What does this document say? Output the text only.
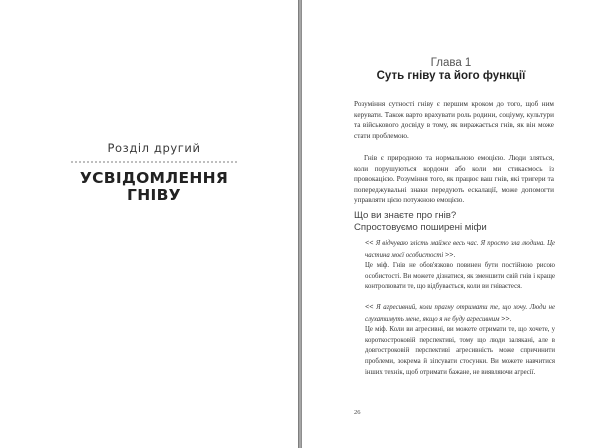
Розділ другий
УСВІДОМЛЕННЯ
ГНІВУ
Глава 1
Суть гніву та його функції

Розуміння сутності гніву є першим кроком до того, щоб ним керувати. Також варто врахувати роль родини, соціуму, культури та військового досвіду в тому, як виражається гнів, як він може стати проблемою.

Гнів є природною та нормальною емоцією. Люди зляться, коли порушуються кордони або коли ми стикаємось із провокацією. Розуміння того, як працює ваш гнів, які тригери та попереджувальні знаки передують ескалації, може допомогти управляти цією потужною емоцією.

Що ви знаєте про гнів?
Спростовуємо поширені міфи
<< Я відчуваю злість майже весь час. Я просто зла людина. Це частина моєї особистості >>.
Це міф. Гнів не обов'язково повинен бути постійною рисою особистості. Ви можете дізнатися, як зменшити свій гнів і краще контролювати те, що відбувається, коли ви гніваєтеся.
<< Я агресивний, коли прагну отримати те, що хочу. Люди не слухатимуть мене, якщо я не буду агресивним >>.
Це міф. Коли ви агресивні, ви можете отримати те, що хочете, у короткостроковій перспективі, тому що люди залякані, але в довгостроковій перспективі агресивність може спричинити проблеми, зокрема й зіпсувати стосунки. Ви можете навчитися інших технік, щоб отримати бажане, не виявляючи агресії.
26
